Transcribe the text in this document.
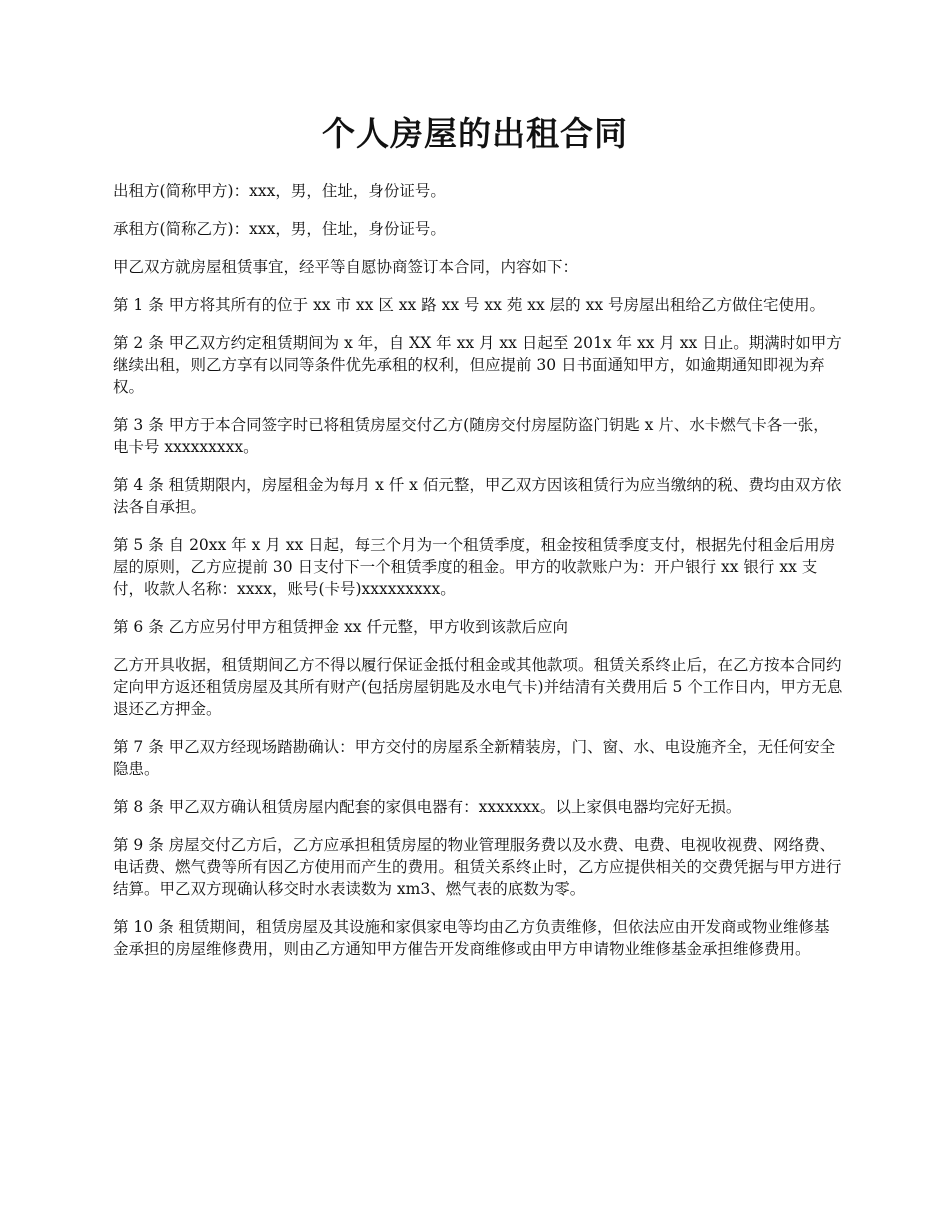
个人房屋的出租合同

出租方(简称甲方)：xxx，男，住址，身份证号。

承租方(简称乙方)：xxx，男，住址，身份证号。

甲乙双方就房屋租赁事宜，经平等自愿协商签订本合同，内容如下：

第 1 条 甲方将其所有的位于 xx 市 xx 区 xx 路 xx 号 xx 苑 xx 层的 xx 号房屋出租给乙方做住宅使用。

第 2 条 甲乙双方约定租赁期间为 x 年，自 XX 年 xx 月 xx 日起至 201x 年 xx 月 xx 日止。期满时如甲方继续出租，则乙方享有以同等条件优先承租的权利，但应提前 30 日书面通知甲方，如逾期通知即视为弃权。

第 3 条 甲方于本合同签字时已将租赁房屋交付乙方(随房交付房屋防盗门钥匙 x 片、水卡燃气卡各一张，电卡号 xxxxxxxxx。

第 4 条 租赁期限内，房屋租金为每月 x 仟 x 佰元整，甲乙双方因该租赁行为应当缴纳的税、费均由双方依法各自承担。

第 5 条 自 20xx 年 x 月 xx 日起，每三个月为一个租赁季度，租金按租赁季度支付，根据先付租金后用房屋的原则，乙方应提前 30 日支付下一个租赁季度的租金。甲方的收款账户为：开户银行 xx 银行 xx 支付，收款人名称：xxxx，账号(卡号)xxxxxxxxx。

第 6 条 乙方应另付甲方租赁押金 xx 仟元整，甲方收到该款后应向

乙方开具收据，租赁期间乙方不得以履行保证金抵付租金或其他款项。租赁关系终止后，在乙方按本合同约定向甲方返还租赁房屋及其所有财产(包括房屋钥匙及水电气卡)并结清有关费用后 5 个工作日内，甲方无息退还乙方押金。

第 7 条 甲乙双方经现场踏勘确认：甲方交付的房屋系全新精装房，门、窗、水、电设施齐全，无任何安全隐患。

第 8 条 甲乙双方确认租赁房屋内配套的家俱电器有：xxxxxxx。以上家俱电器均完好无损。

第 9 条 房屋交付乙方后，乙方应承担租赁房屋的物业管理服务费以及水费、电费、电视收视费、网络费、电话费、燃气费等所有因乙方使用而产生的费用。租赁关系终止时，乙方应提供相关的交费凭据与甲方进行结算。甲乙双方现确认移交时水表读数为 xm3、燃气表的底数为零。

第 10 条 租赁期间，租赁房屋及其设施和家俱家电等均由乙方负责维修，但依法应由开发商或物业维修基金承担的房屋维修费用，则由乙方通知甲方催告开发商维修或由甲方申请物业维修基金承担维修费用。
